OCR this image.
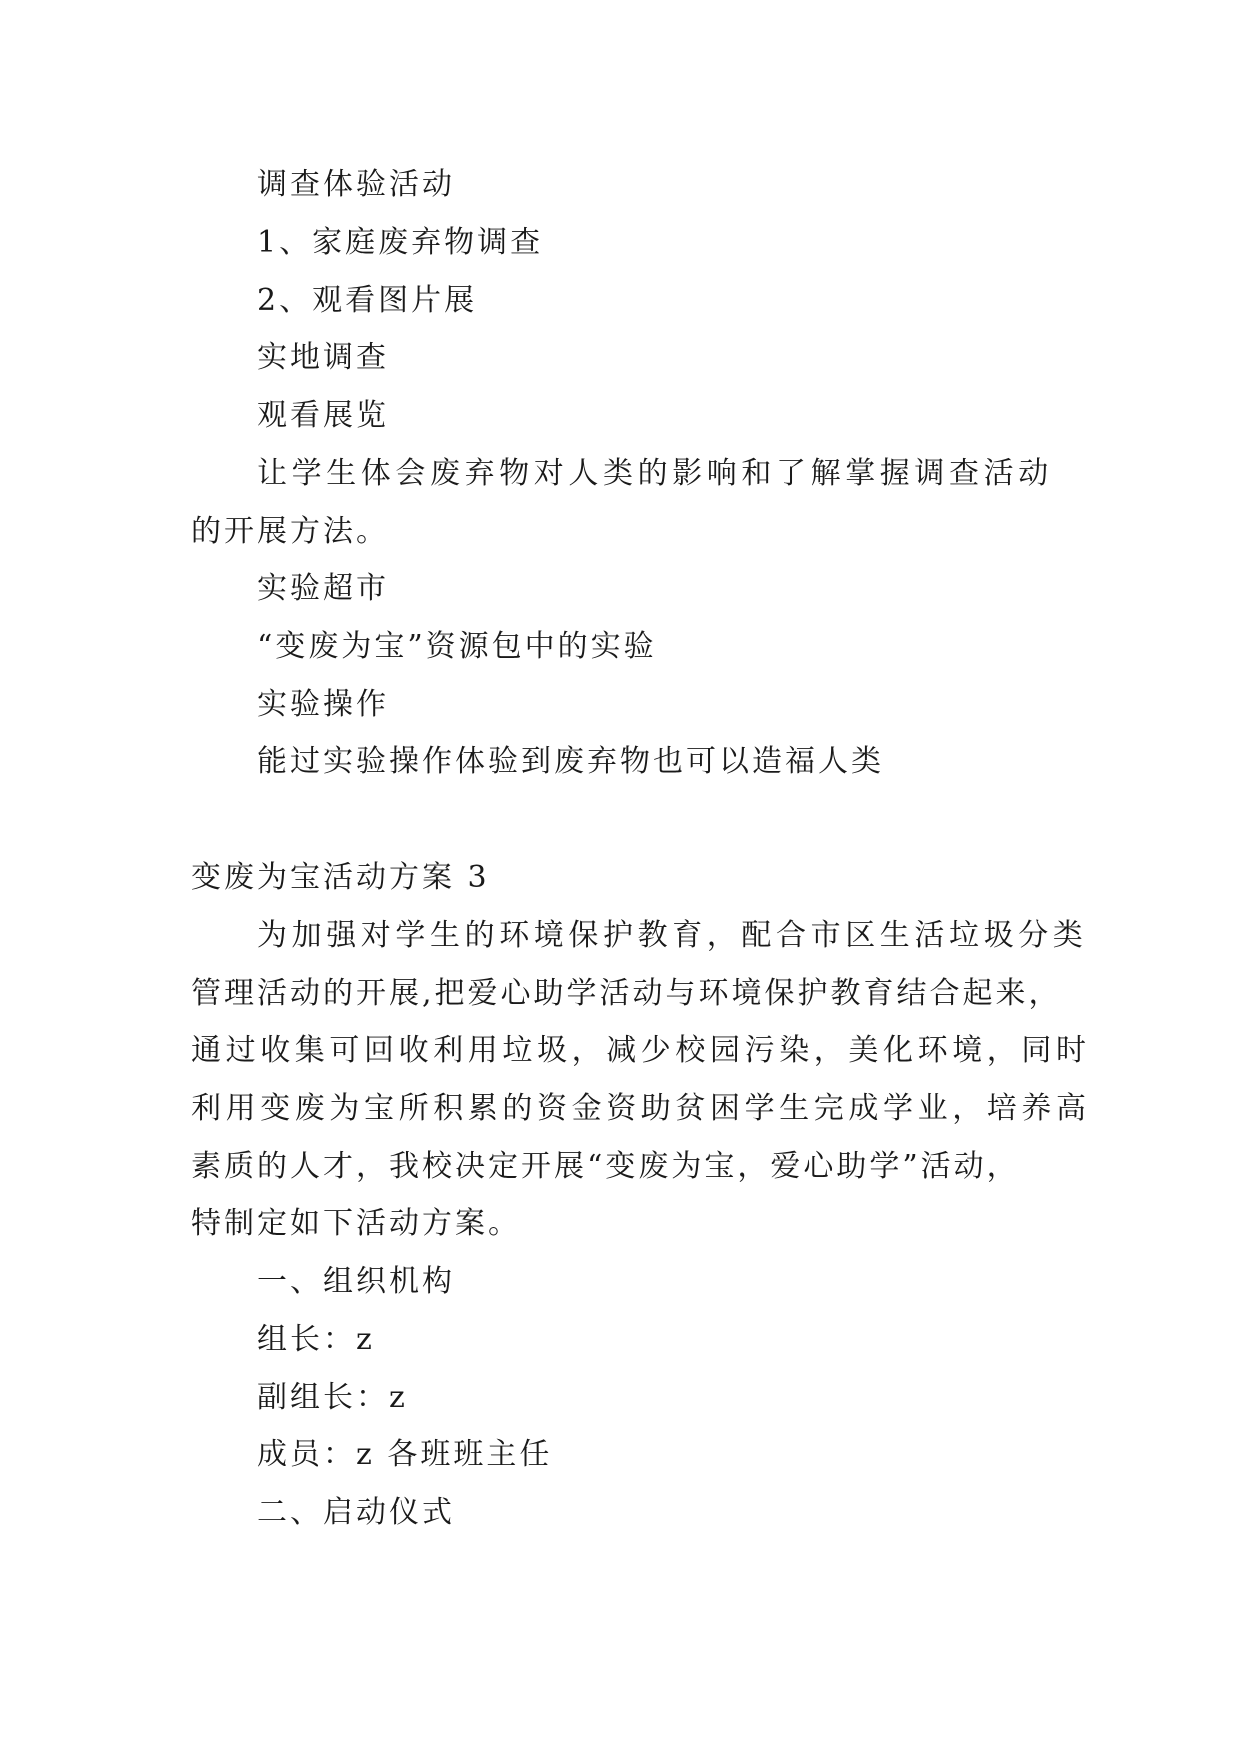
调查体验活动
1、家庭废弃物调查
2、观看图片展
实地调查
观看展览
让学生体会废弃物对人类的影响和了解掌握调查活动
的开展方法。
实验超市
“变废为宝”资源包中的实验
实验操作
能过实验操作体验到废弃物也可以造福人类
变废为宝活动方案 3
为加强对学生的环境保护教育，配合市区生活垃圾分类
管理活动的开展,把爱心助学活动与环境保护教育结合起来，
通过收集可回收利用垃圾，减少校园污染，美化环境，同时
利用变废为宝所积累的资金资助贫困学生完成学业，培养高
素质的人才，我校决定开展“变废为宝，爱心助学”活动，
特制定如下活动方案。
一、组织机构
组长：z
副组长：z
成员：z 各班班主任
二、启动仪式
